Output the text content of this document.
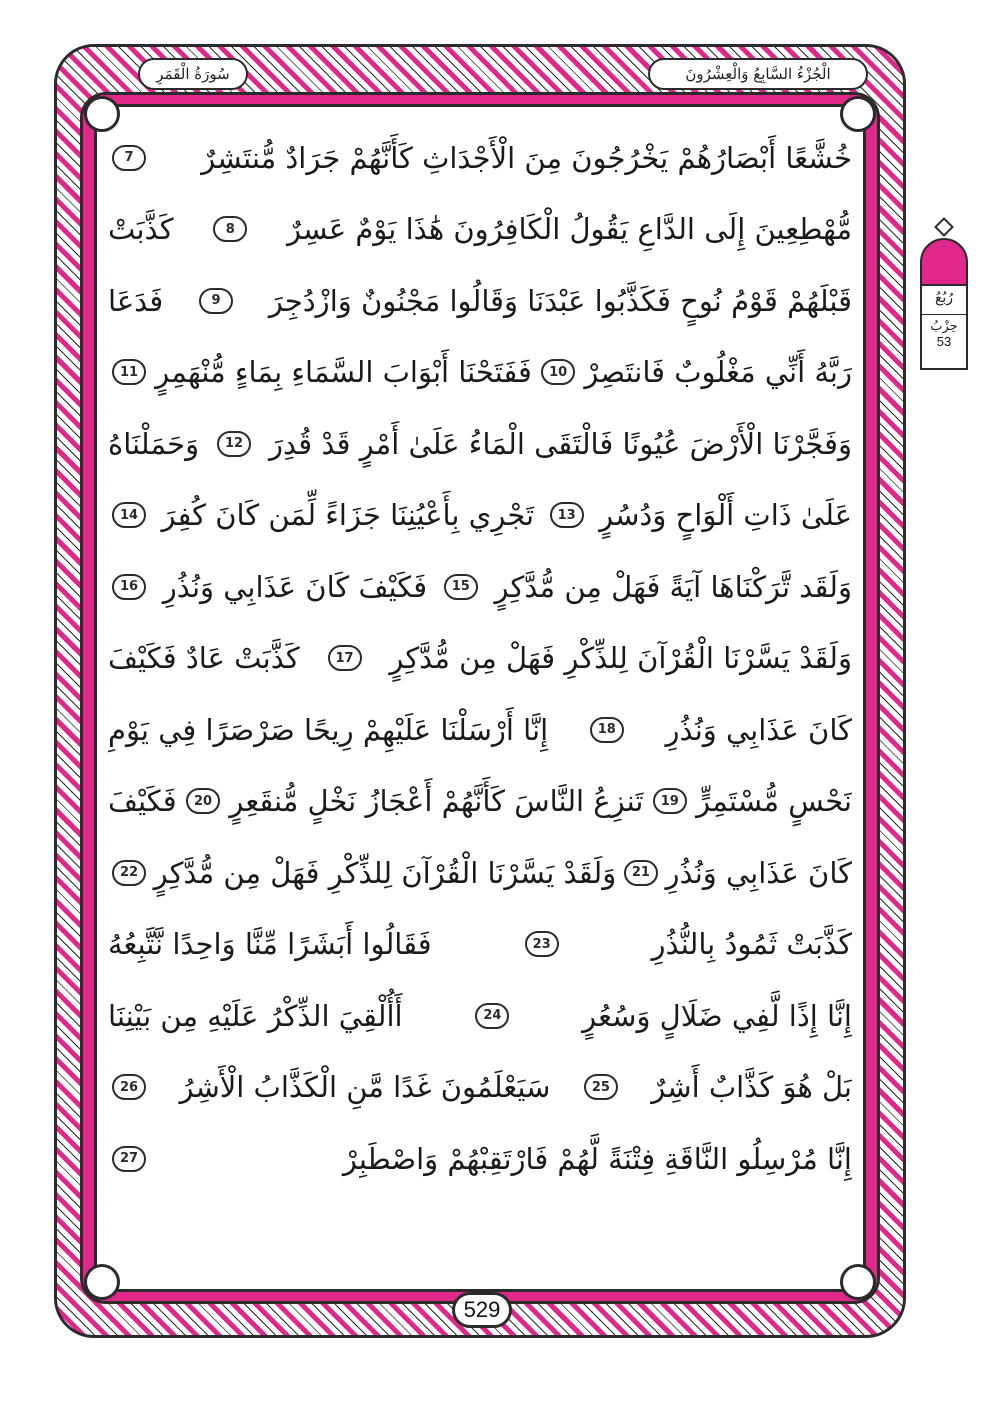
الْجُزْءُ السَّابِعُ وَالْعِشْرُونَ
سُورَةُ الْقَمَرِ
رُبُعُ
حِزْبُ
53
خُشَّعًا أَبْصَارُهُمْ يَخْرُجُونَ مِنَ الْأَجْدَاثِ كَأَنَّهُمْ جَرَادٌ مُّنتَشِرٌ
7
مُّهْطِعِينَ إِلَى الدَّاعِ يَقُولُ الْكَافِرُونَ هَٰذَا يَوْمٌ عَسِرٌ
8
كَذَّبَتْ
قَبْلَهُمْ قَوْمُ نُوحٍ فَكَذَّبُوا عَبْدَنَا وَقَالُوا مَجْنُونٌ وَازْدُجِرَ
9
فَدَعَا
رَبَّهُ أَنِّي مَغْلُوبٌ فَانتَصِرْ
10
فَفَتَحْنَا أَبْوَابَ السَّمَاءِ بِمَاءٍ مُّنْهَمِرٍ
11
وَفَجَّرْنَا الْأَرْضَ عُيُونًا فَالْتَقَى الْمَاءُ عَلَىٰ أَمْرٍ قَدْ قُدِرَ
12
وَحَمَلْنَاهُ
عَلَىٰ ذَاتِ أَلْوَاحٍ وَدُسُرٍ
13
تَجْرِي بِأَعْيُنِنَا جَزَاءً لِّمَن كَانَ كُفِرَ
14
وَلَقَد تَّرَكْنَاهَا آيَةً فَهَلْ مِن مُّدَّكِرٍ
15
فَكَيْفَ كَانَ عَذَابِي وَنُذُرِ
16
وَلَقَدْ يَسَّرْنَا الْقُرْآنَ لِلذِّكْرِ فَهَلْ مِن مُّدَّكِرٍ
17
كَذَّبَتْ عَادٌ فَكَيْفَ
كَانَ عَذَابِي وَنُذُرِ
18
إِنَّا أَرْسَلْنَا عَلَيْهِمْ رِيحًا صَرْصَرًا فِي يَوْمِ
نَحْسٍ مُّسْتَمِرٍّ
19
تَنزِعُ النَّاسَ كَأَنَّهُمْ أَعْجَازُ نَخْلٍ مُّنقَعِرٍ
20
فَكَيْفَ
كَانَ عَذَابِي وَنُذُرِ
21
وَلَقَدْ يَسَّرْنَا الْقُرْآنَ لِلذِّكْرِ فَهَلْ مِن مُّدَّكِرٍ
22
كَذَّبَتْ ثَمُودُ بِالنُّذُرِ
23
فَقَالُوا أَبَشَرًا مِّنَّا وَاحِدًا نَّتَّبِعُهُ
إِنَّا إِذًا لَّفِي ضَلَالٍ وَسُعُرٍ
24
أَأُلْقِيَ الذِّكْرُ عَلَيْهِ مِن بَيْنِنَا
بَلْ هُوَ كَذَّابٌ أَشِرٌ
25
سَيَعْلَمُونَ غَدًا مَّنِ الْكَذَّابُ الْأَشِرُ
26
إِنَّا مُرْسِلُو النَّاقَةِ فِتْنَةً لَّهُمْ فَارْتَقِبْهُمْ وَاصْطَبِرْ
27
529
